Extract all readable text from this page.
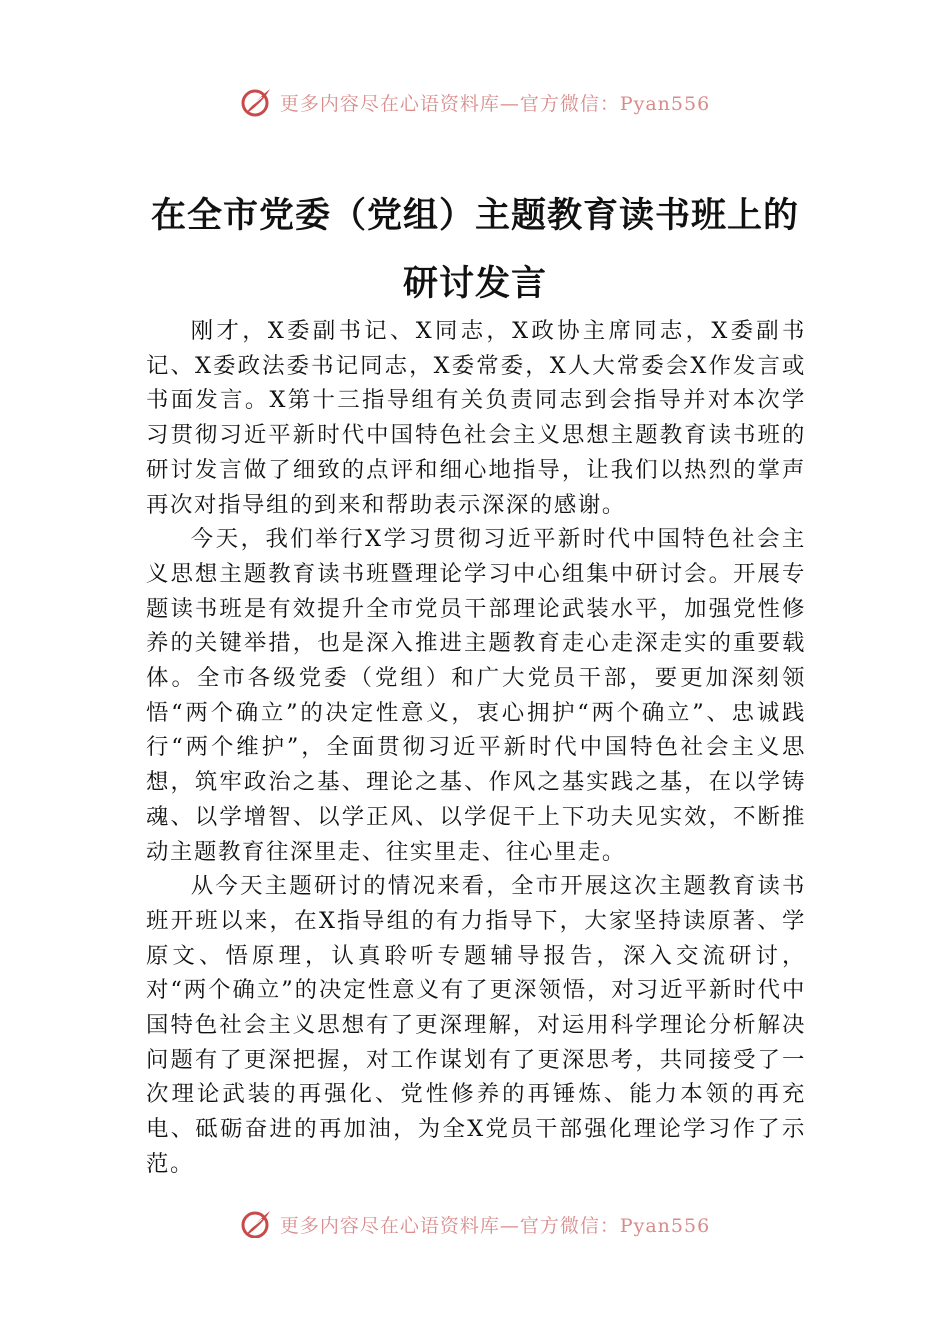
更多内容尽在心语资料库—官方微信：Pyan556
在全市党委（党组）主题教育读书班上的
研讨发言

刚才，X委副书记、X同志，X政协主席同志，X委副书记、X委政法委书记同志，X委常委，X人大常委会X作发言或书面发言。X第十三指导组有关负责同志到会指导并对本次学习贯彻习近平新时代中国特色社会主义思想主题教育读书班的研讨发言做了细致的点评和细心地指导，让我们以热烈的掌声再次对指导组的到来和帮助表示深深的感谢。

今天，我们举行X学习贯彻习近平新时代中国特色社会主义思想主题教育读书班暨理论学习中心组集中研讨会。开展专题读书班是有效提升全市党员干部理论武装水平，加强党性修养的关键举措，也是深入推进主题教育走心走深走实的重要载体。全市各级党委（党组）和广大党员干部，要更加深刻领悟“两个确立”的决定性意义，衷心拥护“两个确立”、忠诚践行“两个维护”，全面贯彻习近平新时代中国特色社会主义思想，筑牢政治之基、理论之基、作风之基实践之基，在以学铸魂、以学增智、以学正风、以学促干上下功夫见实效，不断推动主题教育往深里走、往实里走、往心里走。

从今天主题研讨的情况来看，全市开展这次主题教育读书班开班以来，在X指导组的有力指导下，大家坚持读原著、学原文、悟原理，认真聆听专题辅导报告，深入交流研讨，对“两个确立”的决定性意义有了更深领悟，对习近平新时代中国特色社会主义思想有了更深理解，对运用科学理论分析解决问题有了更深把握，对工作谋划有了更深思考，共同接受了一次理论武装的再强化、党性修养的再锤炼、能力本领的再充电、砥砺奋进的再加油，为全X党员干部强化理论学习作了示范。

更多内容尽在心语资料库—官方微信：Pyan556
